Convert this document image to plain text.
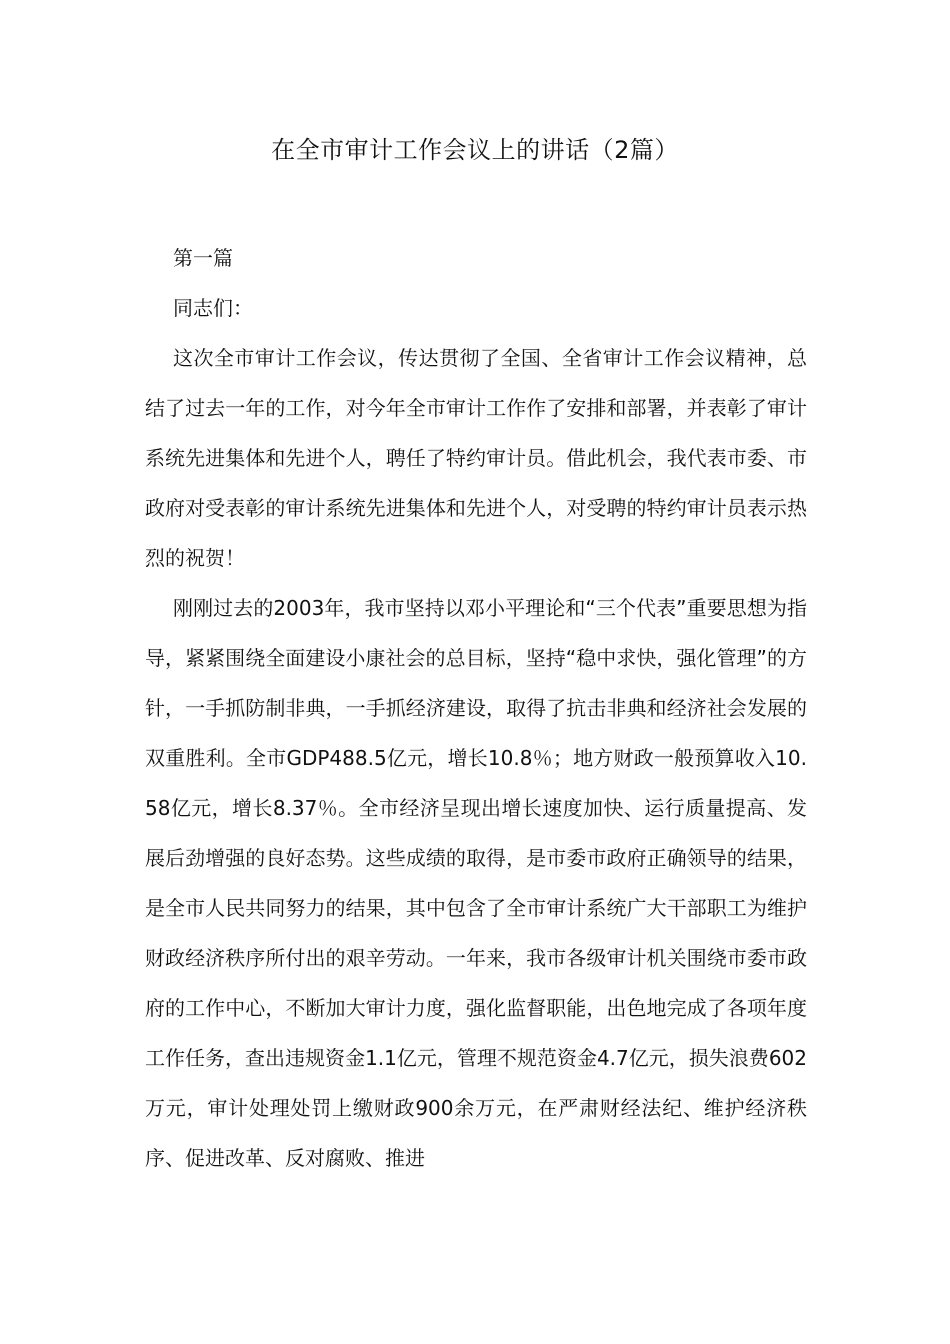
在全市审计工作会议上的讲话（2篇）

第一篇

同志们：

这次全市审计工作会议，传达贯彻了全国、全省审计工作会议精神，总结了过去一年的工作，对今年全市审计工作作了安排和部署，并表彰了审计系统先进集体和先进个人，聘任了特约审计员。借此机会，我代表市委、市政府对受表彰的审计系统先进集体和先进个人，对受聘的特约审计员表示热烈的祝贺！

刚刚过去的2003年，我市坚持以邓小平理论和“三个代表”重要思想为指导，紧紧围绕全面建设小康社会的总目标，坚持“稳中求快，强化管理”的方针，一手抓防制非典，一手抓经济建设，取得了抗击非典和经济社会发展的双重胜利。全市GDP488.5亿元，增长10.8％；地方财政一般预算收入10.58亿元，增长8.37％。全市经济呈现出增长速度加快、运行质量提高、发展后劲增强的良好态势。这些成绩的取得，是市委市政府正确领导的结果，是全市人民共同努力的结果，其中包含了全市审计系统广大干部职工为维护财政经济秩序所付出的艰辛劳动。一年来，我市各级审计机关围绕市委市政府的工作中心，不断加大审计力度，强化监督职能，出色地完成了各项年度工作任务，查出违规资金1.1亿元，管理不规范资金4.7亿元，损失浪费602万元，审计处理处罚上缴财政900余万元，在严肃财经法纪、维护经济秩序、促进改革、反对腐败、推进
